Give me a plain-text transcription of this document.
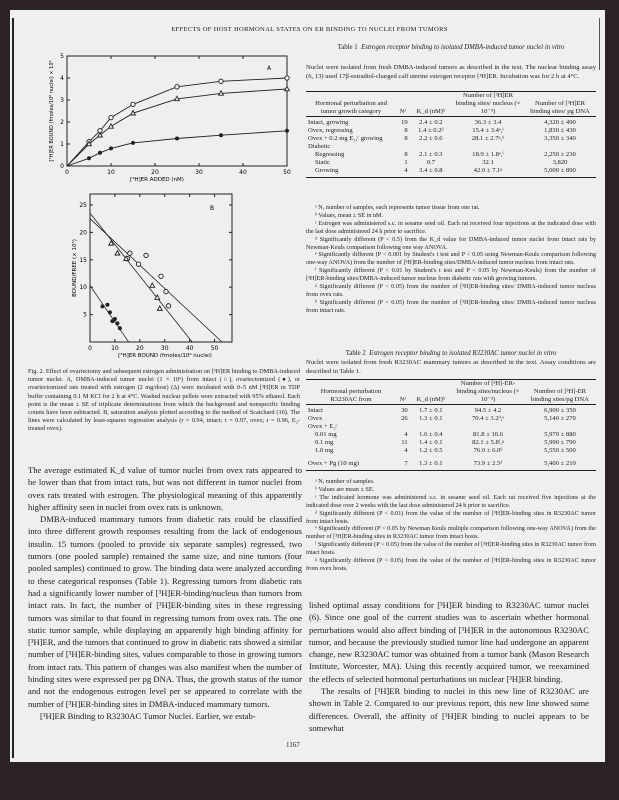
EFFECTS OF HOST HORMONAL STATES ON ER BINDING TO NUCLEI FROM TUMORS
0	10	20	30	40	50
0
1
2
3
4
5
[³H]ER ADDED (nM)
[³H]ER BOUND (fmoles/10⁶ nuclei) × 10³	A
0	10	20	30	40	50
5
10
15
20
25
[³H]ER BOUND (fmoles/10⁶ nuclei)
BOUND/FREE (× 10³)
B
Fig. 2. Effect of ovariectomy and subsequent estrogen administration on [³H]ER binding to DMBA-induced tumor nuclei. A, DMBA-induced tumor nuclei (1 × 10⁶) from intact (○), ovariectomized (●), or ovariectomized rats treated with estrogen (2 mg/dose) (Δ) were incubated with 0–5 nM [³H]ER in TDP buffer containing 0.1 M KCl for 2 h at 4°C. Washed nuclear pellets were extracted with 95% ethanol. Each point is the mean ± SE of triplicate determinations from which the background and nonspecific binding counts have been subtracted. B, saturation analysis plotted according to the method of Scatchard (16). The lines were calculated by least-squares regression analysis (r = 0.94, intact; r = 0.97, ovex; r = 0.96, E₂-treated ovex).

The average estimated K_d value of tumor nuclei from ovex rats appeared to be lower than that from intact rats, but was not different in tumor nuclei from ovex rats treated with estrogen. The physiological meaning of this apparently higher affinity seen in nuclei from ovex rats is unknown.

DMBA-induced mammary tumors from diabetic rats could be classified into three different growth responses resulting from the lack of endogenous insulin. 15 tumors (pooled to provide six separate samples) regressed, two tumors (one pooled sample) remained the same size, and nine tumors (four pooled samples) continued to grow. The binding data were analyzed according to these categorical responses (Table 1). Regressing tumors from diabetic rats had a significantly lower number of [³H]ER-binding/nucleus than tumors from intact rats. In fact, the number of [³H]ER-binding sites in these regressing tumors was similar to that found in regressing tumors from ovex rats. The one static tumor sample, while displaying an apparently high binding affinity for [³H]ER, and the tumors that continued to grow in diabetic rats showed a similar number of [³H]ER-binding sites, values comparable to those in growing tumors from intact rats. This pattern of changes was also manifest when the number of binding sites were expressed per pg DNA. Thus, the growth status of the tumor and not the endogenous estrogen level per se appeared to correlate with the number of [³H]ER-binding sites in DMBA-induced mammary tumors.

[³H]ER Binding to R3230AC Tumor Nuclei. Earlier, we estab-

Table 1 Estrogen receptor binding to isolated DMBA-induced tumor nuclei in vitro
Nuclei were isolated from fresh DMBA-induced tumors as described in the text. The nuclear binding assay (6, 13) used 17β-estradiol-charged calf uterine estrogen receptor [³H]ER. Incubation was for 2 h at 4°C.
Hormonal perturbation and tumor growth category	Nᵃ	K_d (nM)ᵇ	Number of [³H]ER binding sites/ nucleus (× 10⁻³)	Number of [³H]ER binding sites/ pg DNA
Intact, growing	19	2.4 ± 0.2	36.3 ± 3.4	4,320 ± 490
Ovex, regressing	8	1.4 ± 0.2ᵈ	15.4 ± 3.4ᵉ,ᶠ	1,830 ± 430
Ovex + 0.2 mg E₂,ᶜ growing	8	2.2 ± 0.6	28.1 ± 2.7ᵍ,ʰ	3,350 ± 340
Diabetic				
Regressing	8	2.1 ± 0.3	18.9 ± 1.8ᵉ,ᶠ	2,250 ± 230
Static	1	0.7	32.1	3,820
Growing	4	3.4 ± 0.8	42.0 ± 7.1ᵍ	5,000 ± 890

ᵃ N, number of samples, each represents tumor tissue from one rat.

ᵇ Values, mean ± SE in nM.

ᶜ Estrogen was administered s.c. in sesame seed oil. Each rat received four injections at the indicated dose with the last dose administered 24 h prior to sacrifice.

ᵈ Significantly different (P < 0.5) from the K_d value for DMBA-induced tumor nuclei from intact rats by Newman-Keuls comparison following one way ANOVA.

ᵉ Significantly different (P < 0.001 by Student's t test and P < 0.05 using Newman-Keuls comparison following one-way ANOVA) from the number of [³H]ER-binding sites/DMBA-induced tumor nucleus from intact rats.

ᶠ Significantly different (P < 0.01 by Student's t test and P < 0.05 by Newman-Keuls) from the number of [³H]ER-binding sites/DMBA-induced tumor nucleus from diabetic rats with growing tumors.

ᵍ Significantly different (P < 0.05) from the number of [³H]ER-binding sites/ DMBA-induced tumor nucleus from ovex rats.

ʰ Significantly different (P < 0.05) from the number of [³H]ER-binding sites/ DMBA-induced tumor nucleus from intact rats.

Table 2 Estrogen receptor binding to isolated R3230AC tumor nuclei in vitro
Nuclei were isolated from fresh R3230AC mammary tumors as described in the text. Assay conditions are described in Table 1.
Hormonal perturbation R3230AC from	Nᵃ	K_d (nM)ᵇ	Number of [³H]-ER-binding sites/nucleus (× 10⁻³)	Number of [³H]-ER binding sites/pg DNA
Intact	30	1.7 ± 0.1	94.5 ± 4.2	6,900 ± 350
Ovex	26	1.3 ± 0.1	70.4 ± 3.2ᵈ,ᵉ	5,140 ± 270
Ovex + E₂ᶜ				
0.01 mg	4	1.6 ± 0.4	81.8 ± 10.6	5,970 ± 880
0.1 mg	11	1.4 ± 0.1	82.1 ± 5.8ᶠ,ᵍ	5,990 ± 790
1.0 mg	4	1.2 ± 0.5	76.0 ± 6.0ᵈ	5,550 ± 500
Ovex + Pg (10 mg)	7	1.3 ± 0.1	73.9 ± 2.5ᵈ	5,400 ± 210

ᵃ N, number of samples.

ᵇ Values are mean ± SE.

ᶜ The indicated hormone was administered s.c. in sesame seed oil. Each rat received five injections at the indicated dose over 2 weeks with the last dose administered 24 h prior to sacrifice.

ᵈ Significantly different (P < 0.01) from the value of the number of [³H]ER-binding sites in R3230AC tumor from intact hosts.

ᵉ Significantly different (P < 0.05 by Newman Keuls multiple comparison following one-way ANOVA) from the number of [³H]ER-binding sites in R3230AC tumor from intact hosts.

ᶠ Significantly different (P < 0.05) from the value of the number of [³H]ER-binding sites in R3230AC tumor from intact hosts.

ᵍ Significantly different (P < 0.05) from the value of the number of [³H]ER-binding sites in R3230AC tumor from ovex hosts.

lished optimal assay conditions for [³H]ER binding to R3230AC tumor nuclei (6). Since one goal of the current studies was to ascertain whether hormonal perturbations would also affect binding of [³H]ER in the autonomous R3230AC tumor, and because the previously studied tumor line had undergone an apparent change, new R3230AC tumor was obtained from a tumor bank (Mason Research Institute, Worcester, MA). Using this recently acquired tumor, we reexamined the effects of selected hormonal perturbations on nuclear [³H]ER binding.

The results of [³H]ER binding to nuclei in this new line of R3230AC are shown in Table 2. Compared to our previous report, this new line showed some differences. Overall, the affinity of [³H]ER binding to nuclei appears to be somewhat

1167
